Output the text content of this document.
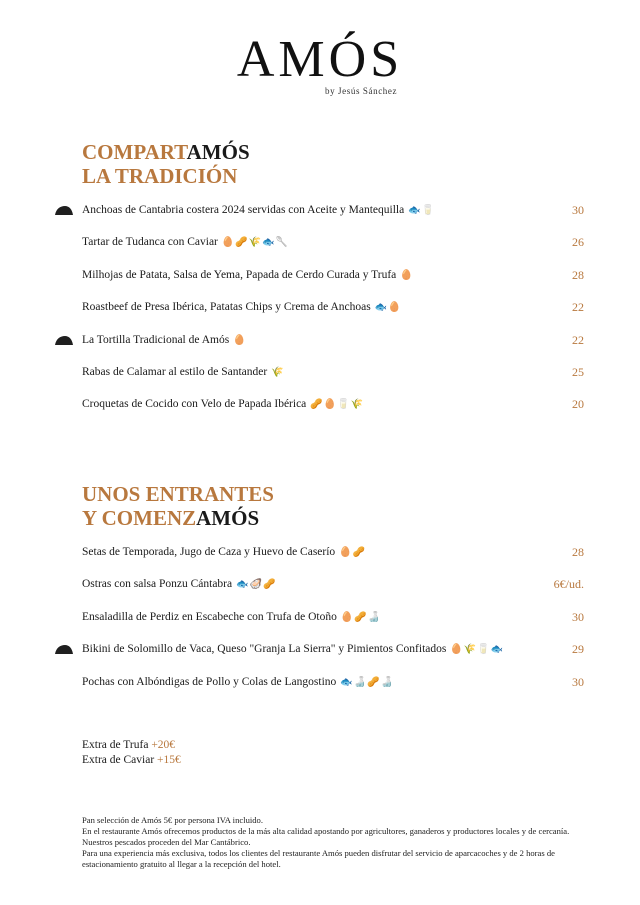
AMÓS
by Jesús Sánchez
COMPARTAMÓS
LA TRADICIÓN
Anchoas de Cantabria costera 2024 servidas con Aceite y Mantequilla 🐟🥛	30
Tartar de Tudanca con Caviar 🥚🥜🌾🐟🥄	26
Milhojas de Patata, Salsa de Yema, Papada de Cerdo Curada y Trufa 🥚	28
Roastbeef de Presa Ibérica, Patatas Chips y Crema de Anchoas 🐟🥚	22
La Tortilla Tradicional de Amós 🥚	22
Rabas de Calamar al estilo de Santander 🌾	25
Croquetas de Cocido con Velo de Papada Ibérica 🥜🥚🥛🌾	20
UNOS ENTRANTES
Y COMENZAMÓS
Setas de Temporada, Jugo de Caza y Huevo de Caserío 🥚🥜	28
Ostras con salsa Ponzu Cántabra 🐟🦪🥜	6€/ud.
Ensaladilla de Perdiz en Escabeche con Trufa de Otoño 🥚🥜🍶	30
Bikini de Solomillo de Vaca, Queso "Granja La Sierra" y Pimientos Confitados 🥚🌾🥛🐟	29
Pochas con Albóndigas de Pollo y Colas de Langostino 🐟🍶🥜🍶	30
Extra de Trufa +20€
Extra de Caviar +15€

Pan selección de Amós 5€ por persona IVA incluido.

En el restaurante Amós ofrecemos productos de la más alta calidad apostando por agricultores, ganaderos y productores locales y de cercanía. Nuestros pescados proceden del Mar Cantábrico.

Para una experiencia más exclusiva, todos los clientes del restaurante Amós pueden disfrutar del servicio de aparcacoches y de 2 horas de estacionamiento gratuito al llegar a la recepción del hotel.
